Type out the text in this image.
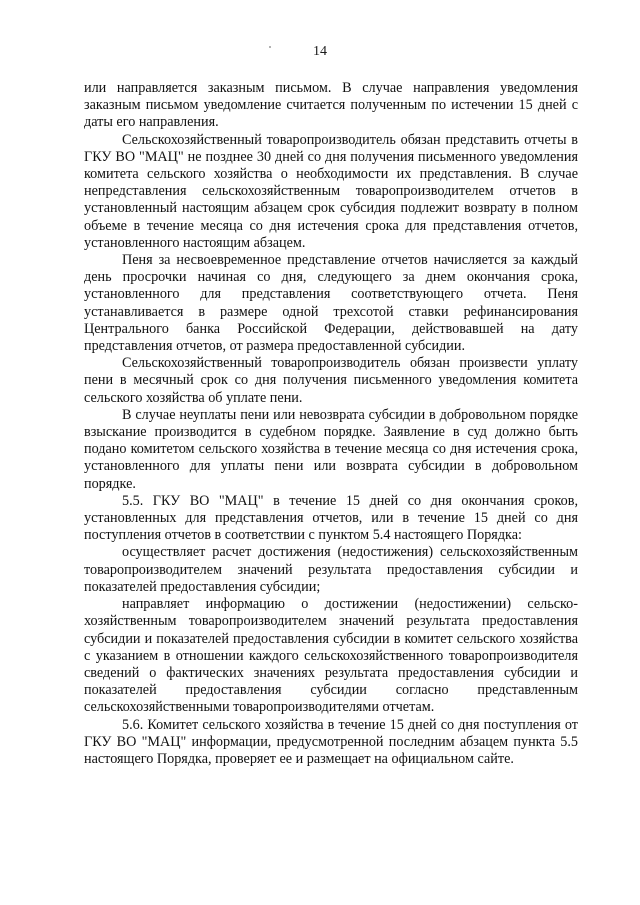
14

или направляется заказным письмом. В случае направления уведомления заказным письмом уведомление считается полученным по истечении 15 дней с даты его направления.

Сельскохозяйственный товаропроизводитель обязан представить отчеты в ГКУ ВО "МАЦ" не позднее 30 дней со дня получения письменного уведомления комитета сельского хозяйства о необходимости их представления. В случае непредставления сельскохозяйственным товаропроизводителем отчетов в установленный настоящим абзацем срок субсидия подлежит возврату в полном объеме в течение месяца со дня истечения срока для представления отчетов, установленного настоящим абзацем.

Пеня за несвоевременное представление отчетов начисляется за каждый день просрочки начиная со дня, следующего за днем окончания срока, установленного для представления соответствующего отчета. Пеня устанавливается в размере одной трехсотой ставки рефинансирования Центрального банка Российской Федерации, действовавшей на дату представления отчетов, от размера предоставленной субсидии.

Сельскохозяйственный товаропроизводитель обязан произвести уплату пени в месячный срок со дня получения письменного уведомления комитета сельского хозяйства об уплате пени.

В случае неуплаты пени или невозврата субсидии в добровольном порядке взыскание производится в судебном порядке. Заявление в суд должно быть подано комитетом сельского хозяйства в течение месяца со дня истечения срока, установленного для уплаты пени или возврата субсидии в добровольном порядке.

5.5. ГКУ ВО "МАЦ" в течение 15 дней со дня окончания сроков, установленных для представления отчетов, или в течение 15 дней со дня поступления отчетов в соответствии с пунктом 5.4 настоящего Порядка:

осуществляет расчет достижения (недостижения) сельскохозяйственным товаропроизводителем значений результата предоставления субсидии и показателей предоставления субсидии;

направляет информацию о достижении (недостижении) сельскохозяйственным товаропроизводителем значений результата предоставления субсидии и показателей предоставления субсидии в комитет сельского хозяйства с указанием в отношении каждого сельскохозяйственного товаропроизводителя сведений о фактических значениях результата предоставления субсидии и показателей предоставления субсидии согласно представленным сельскохозяйственными товаропроизводителями отчетам.

5.6. Комитет сельского хозяйства в течение 15 дней со дня поступления от ГКУ ВО "МАЦ" информации, предусмотренной последним абзацем пункта 5.5 настоящего Порядка, проверяет ее и размещает на официальном сайте.
